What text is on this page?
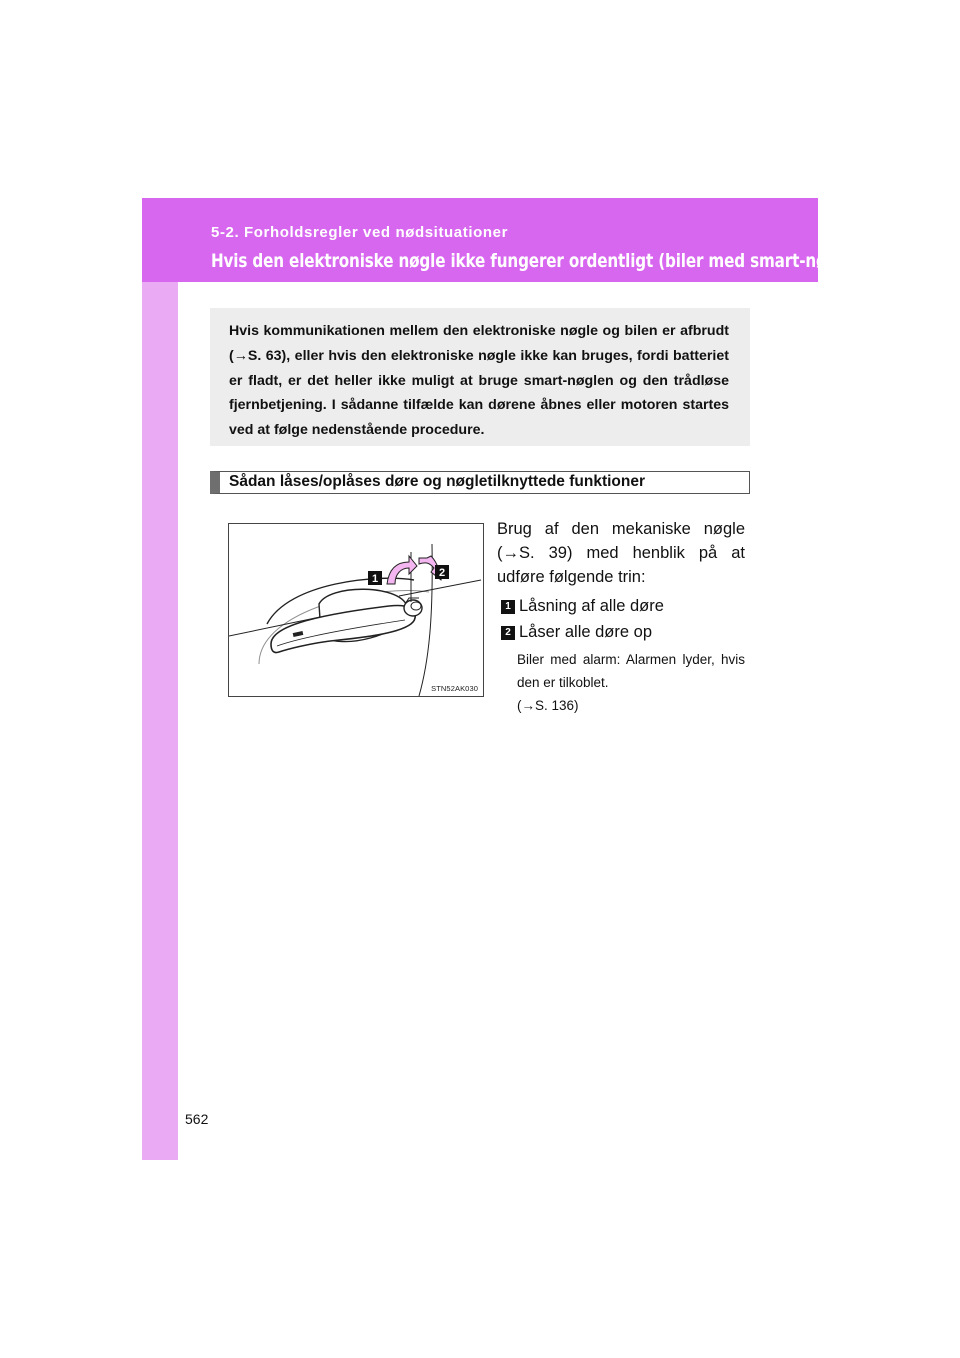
5-2. Forholdsregler ved nødsituationer
Hvis den elektroniske nøgle ikke fungerer ordentligt (biler med smart-nøgle)

Hvis kommunikationen mellem den elektroniske nøgle og bilen er afbrudt (→S. 63), eller hvis den elektroniske nøgle ikke kan bruges, fordi batteriet er fladt, er det heller ikke muligt at bruge smart-nøglen og den trådløse fjernbetjening. I sådanne tilfælde kan dørene åbnes eller motoren startes ved at følge nedenstående procedure.

Sådan låses/oplåses døre og nøgletilknyttede funktioner
1	2
STN52AK030

Brug af den mekaniske nøgle (→S. 39) med henblik på at udføre følgende trin:

1 Låsning af alle døre
2 Låser alle døre op

Biler med alarm: Alarmen lyder, hvis den er tilkoblet.

(→S. 136)

562
